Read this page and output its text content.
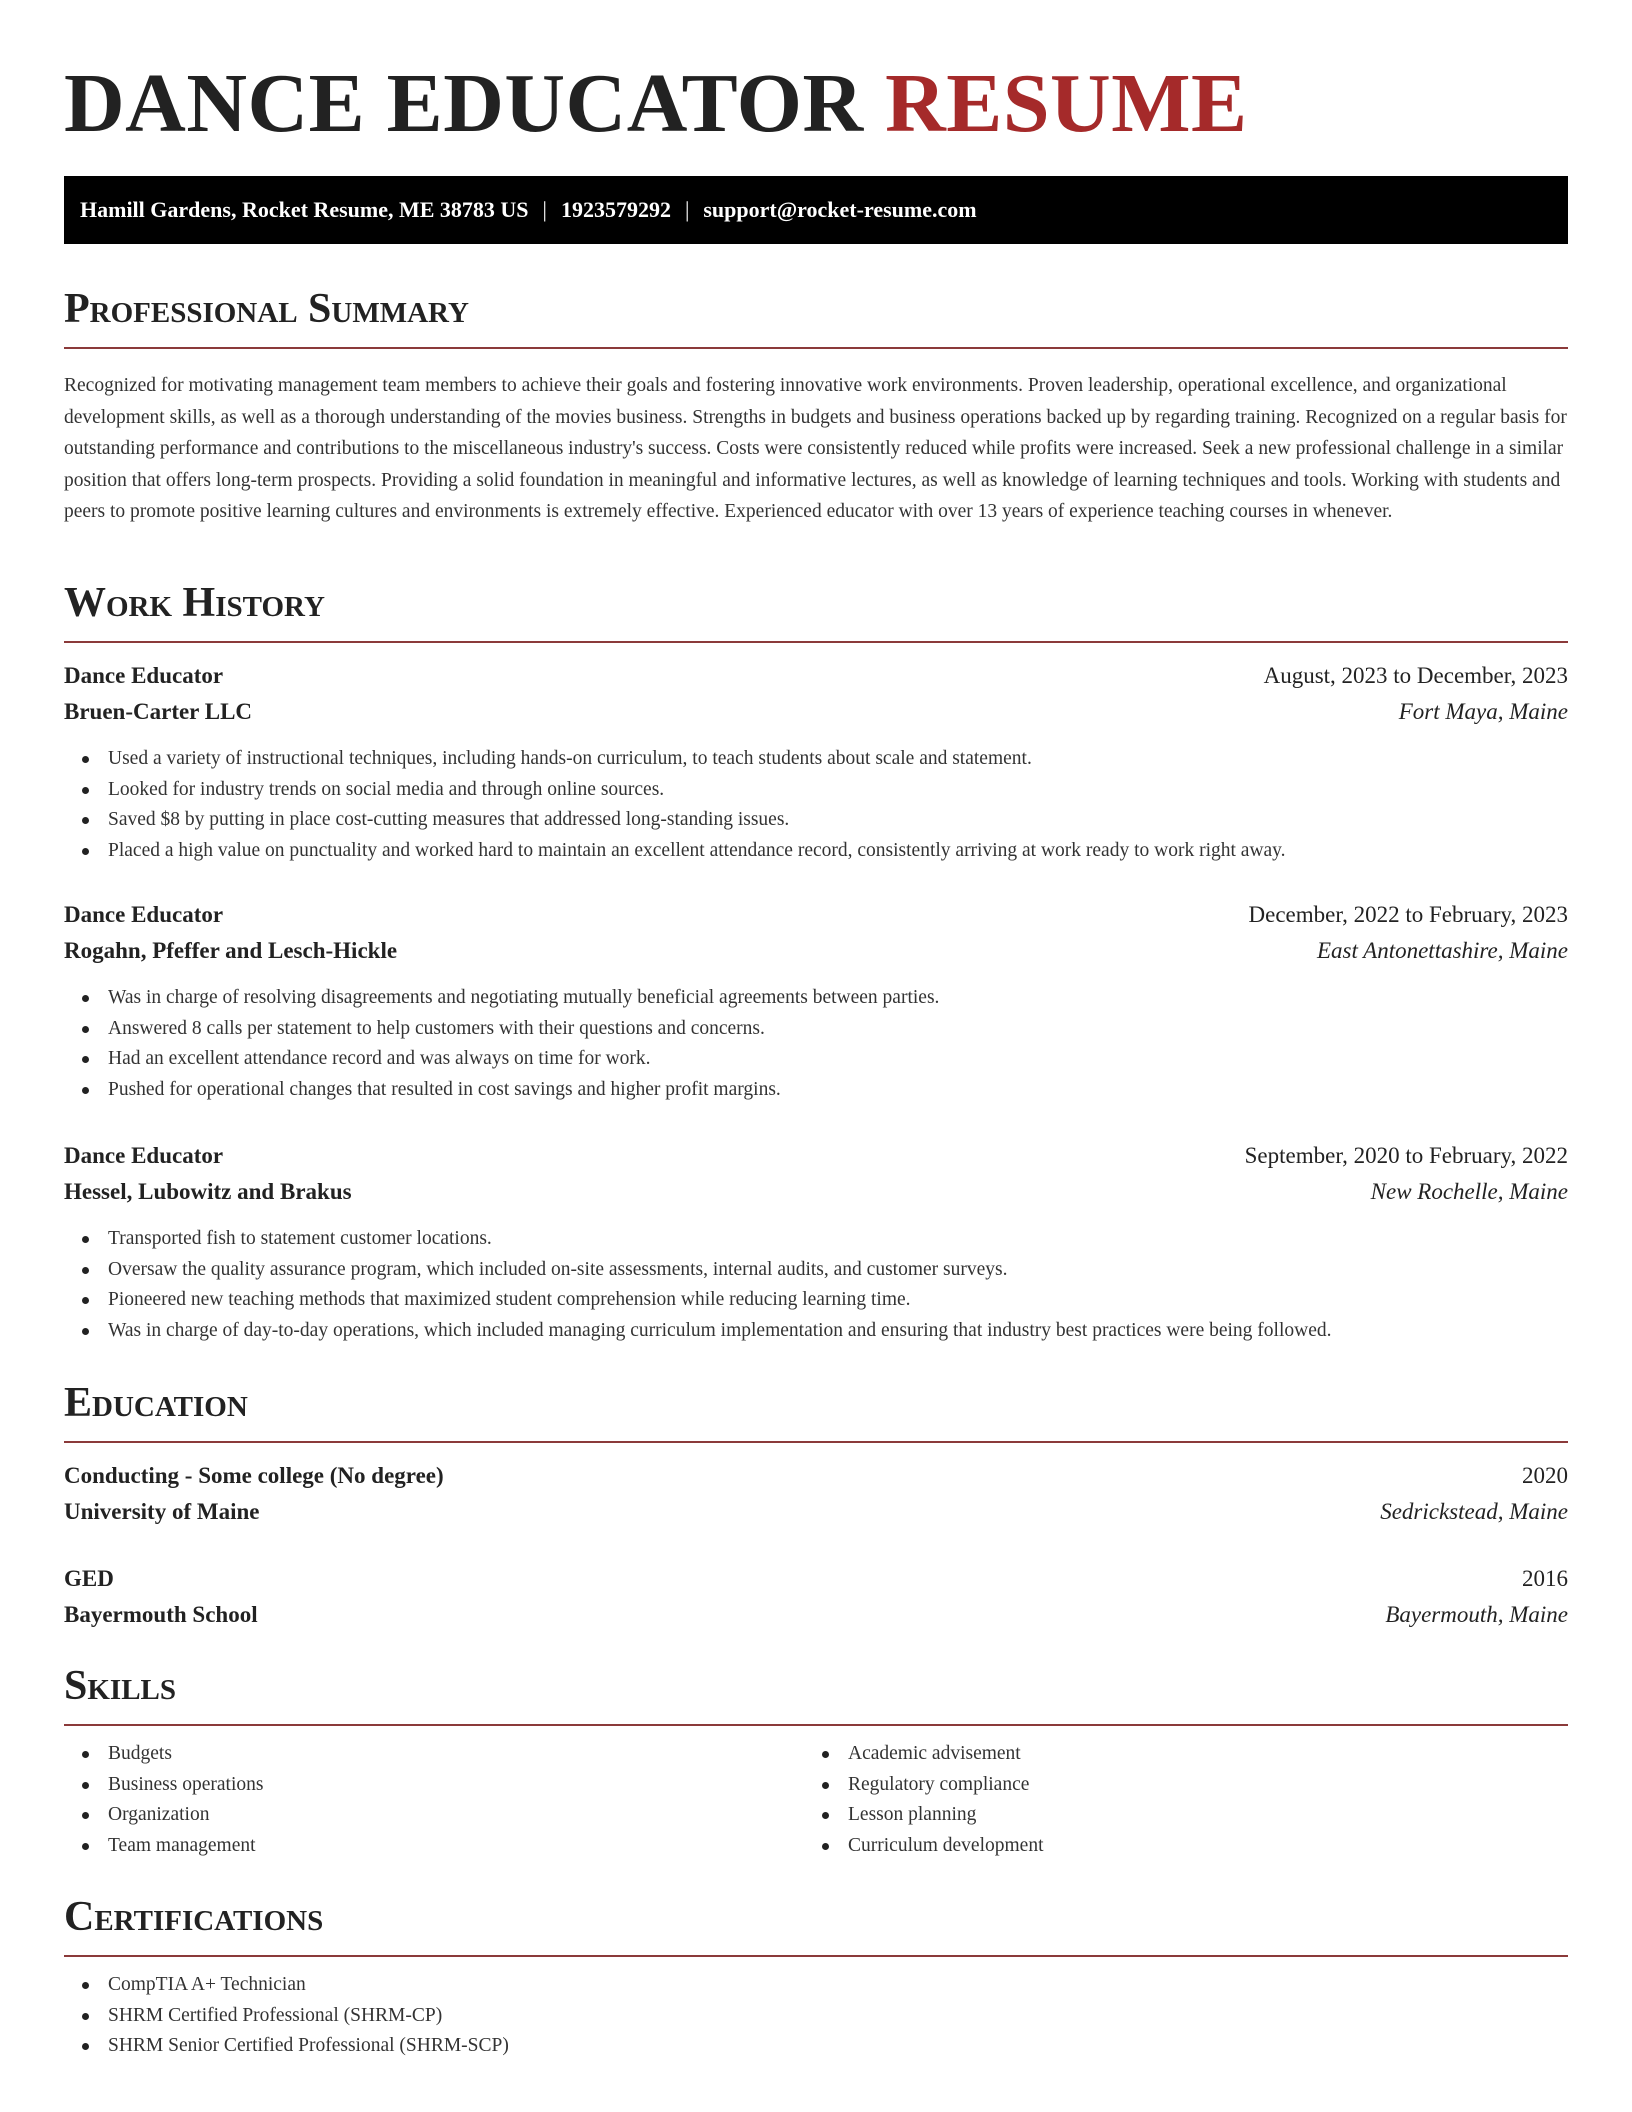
DANCE EDUCATOR RESUME
Hamill Gardens, Rocket Resume, ME 38783 US | 1923579292 | support@rocket-resume.com
Professional Summary

Recognized for motivating management team members to achieve their goals and fostering innovative work environments. Proven leadership, operational excellence, and organizational development skills, as well as a thorough understanding of the movies business. Strengths in budgets and business operations backed up by regarding training. Recognized on a regular basis for outstanding performance and contributions to the miscellaneous industry's success. Costs were consistently reduced while profits were increased. Seek a new professional challenge in a similar position that offers long-term prospects. Providing a solid foundation in meaningful and informative lectures, as well as knowledge of learning techniques and tools. Working with students and peers to promote positive learning cultures and environments is extremely effective. Experienced educator with over 13 years of experience teaching courses in whenever.

Work History
Dance Educator	August, 2023 to December, 2023
Bruen-Carter LLC	Fort Maya, Maine
Used a variety of instructional techniques, including hands-on curriculum, to teach students about scale and statement.
Looked for industry trends on social media and through online sources.
Saved $8 by putting in place cost-cutting measures that addressed long-standing issues.
Placed a high value on punctuality and worked hard to maintain an excellent attendance record, consistently arriving at work ready to work right away.
Dance Educator	December, 2022 to February, 2023
Rogahn, Pfeffer and Lesch-Hickle	East Antonettashire, Maine
Was in charge of resolving disagreements and negotiating mutually beneficial agreements between parties.
Answered 8 calls per statement to help customers with their questions and concerns.
Had an excellent attendance record and was always on time for work.
Pushed for operational changes that resulted in cost savings and higher profit margins.
Dance Educator	September, 2020 to February, 2022
Hessel, Lubowitz and Brakus	New Rochelle, Maine
Transported fish to statement customer locations.
Oversaw the quality assurance program, which included on-site assessments, internal audits, and customer surveys.
Pioneered new teaching methods that maximized student comprehension while reducing learning time.
Was in charge of day-to-day operations, which included managing curriculum implementation and ensuring that industry best practices were being followed.
Education
Conducting - Some college (No degree)	2020
University of Maine	Sedrickstead, Maine
GED	2016
Bayermouth School	Bayermouth, Maine
Skills
Budgets
Business operations
Organization
Team management
Academic advisement
Regulatory compliance
Lesson planning
Curriculum development
Certifications
CompTIA A+ Technician
SHRM Certified Professional (SHRM-CP)
SHRM Senior Certified Professional (SHRM-SCP)
